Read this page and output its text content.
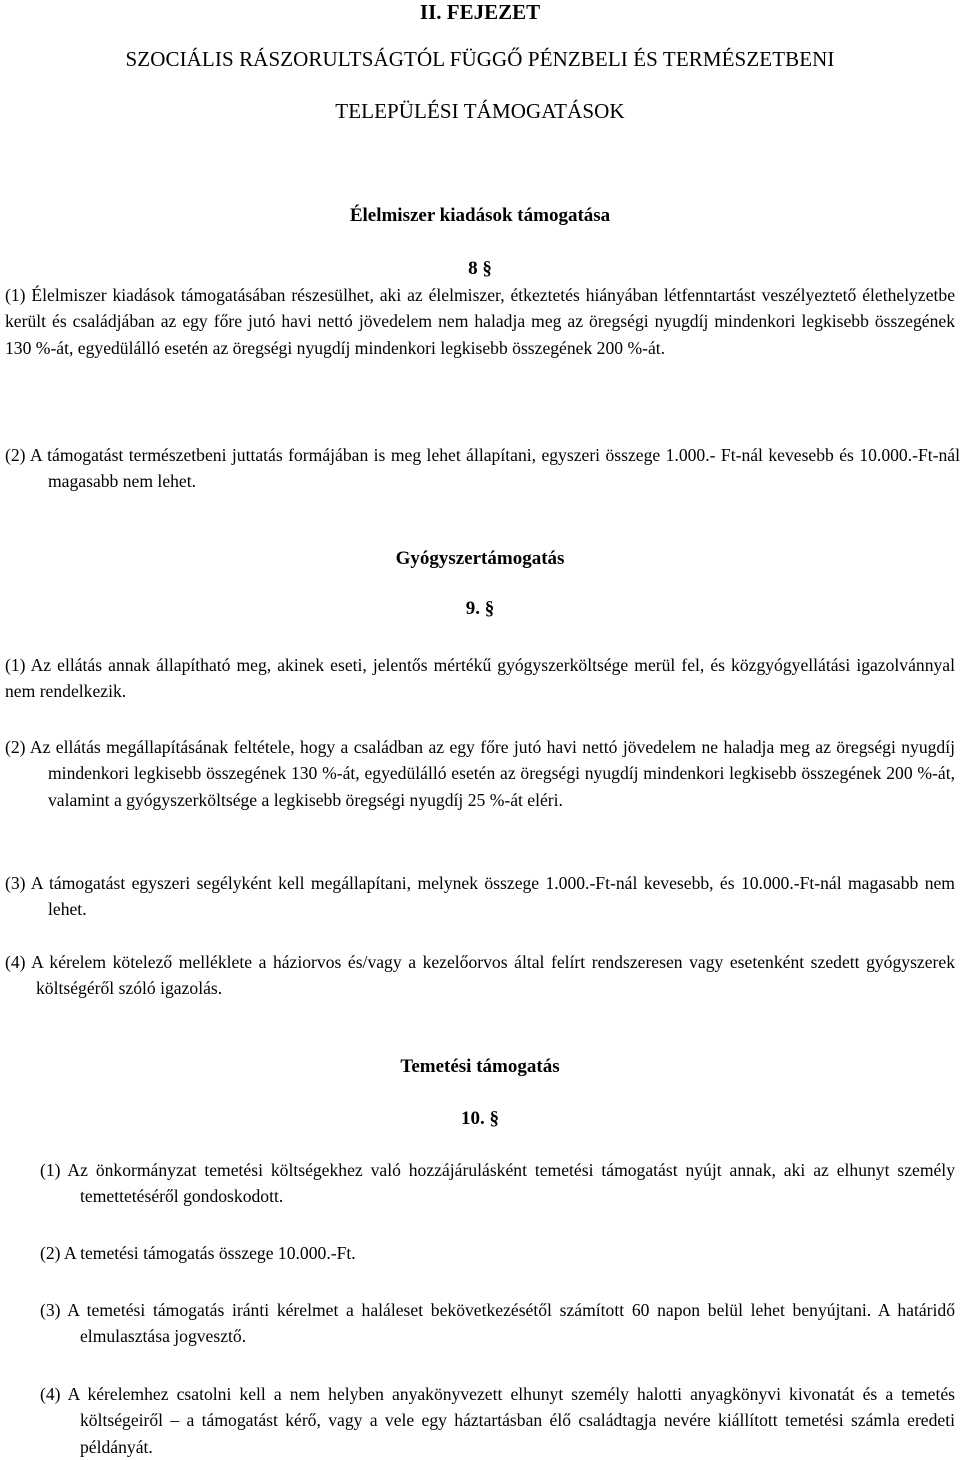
II. FEJEZET
SZOCIÁLIS RÁSZORULTSÁGTÓL FÜGGŐ PÉNZBELI ÉS TERMÉSZETBENI
TELEPÜLÉSI TÁMOGATÁSOK
Élelmiszer kiadások támogatása
8 §

(1) Élelmiszer kiadások támogatásában részesülhet, aki az élelmiszer, étkeztetés hiányában létfenntartást veszélyeztető élethelyzetbe került és családjában az egy főre jutó havi nettó jövedelem nem haladja meg az öregségi nyugdíj mindenkori legkisebb összegének 130 %-át, egyedülálló esetén az öregségi nyugdíj mindenkori legkisebb összegének 200 %-át.

(2) A támogatást természetbeni juttatás formájában is meg lehet állapítani, egyszeri összege 1.000.- Ft-nál kevesebb és 10.000.-Ft-nál magasabb nem lehet.

Gyógyszertámogatás
9. §

(1) Az ellátás annak állapítható meg, akinek eseti, jelentős mértékű gyógyszerköltsége merül fel, és közgyógyellátási igazolvánnyal nem rendelkezik.

(2) Az ellátás megállapításának feltétele, hogy a családban az egy főre jutó havi nettó jövedelem ne haladja meg az öregségi nyugdíj mindenkori legkisebb összegének 130 %-át, egyedülálló esetén az öregségi nyugdíj mindenkori legkisebb összegének 200 %-át, valamint a gyógyszerköltsége a legkisebb öregségi nyugdíj 25 %-át eléri.

(3) A támogatást egyszeri segélyként kell megállapítani, melynek összege 1.000.-Ft-nál kevesebb, és 10.000.-Ft-nál magasabb nem lehet.

(4) A kérelem kötelező melléklete a háziorvos és/vagy a kezelőorvos által felírt rendszeresen vagy esetenként szedett gyógyszerek költségéről szóló igazolás.

Temetési támogatás
10. §

(1) Az önkormányzat temetési költségekhez való hozzájárulásként temetési támogatást nyújt annak, aki az elhunyt személy temettetéséről gondoskodott.

(2) A temetési támogatás összege 10.000.-Ft.

(3) A temetési támogatás iránti kérelmet a haláleset bekövetkezésétől számított 60 napon belül lehet benyújtani. A határidő elmulasztása jogvesztő.

(4) A kérelemhez csatolni kell a nem helyben anyakönyvezett elhunyt személy halotti anyagkönyvi kivonatát és a temetés költségeiről – a támogatást kérő, vagy a vele egy háztartásban élő családtagja nevére kiállított temetési számla eredeti példányát.
